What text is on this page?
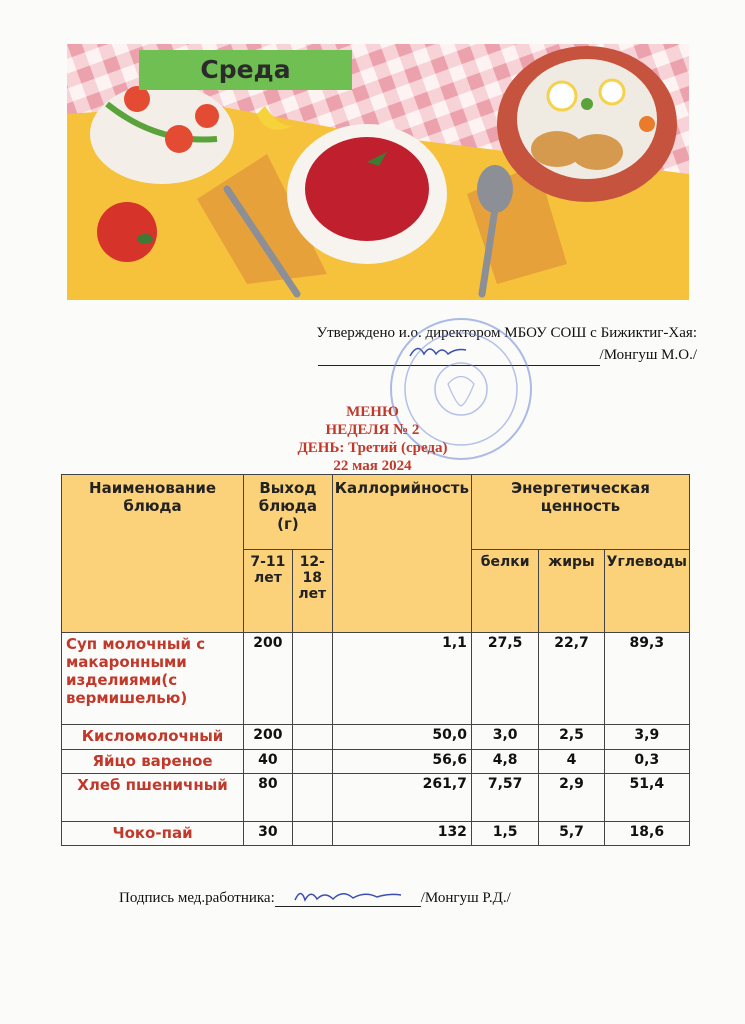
Среда
Утверждено и.о. директором МБОУ СОШ с Бижиктиг-Хая:
/Монгуш М.О./
МЕНЮ
НЕДЕЛЯ № 2
ДЕНЬ: Третий (среда)
22 мая 2024
Наименование блюда	Выход блюда (г)		Каллорийность	Энергетическая ценность		
	7-11 лет	12-18 лет		белки	жиры	Углеводы
Суп молочный с макаронными изделиями(с вермишелью)	200		1,1	27,5	22,7	89,3
Кисломолочный	200		50,0	3,0	2,5	3,9
Яйцо вареное	40		56,6	4,8	4	0,3
Хлеб пшеничный	80		261,7	7,57	2,9	51,4
Чоко-пай	30		132	1,5	5,7	18,6
Подпись мед.работника:	/Монгуш Р.Д./
